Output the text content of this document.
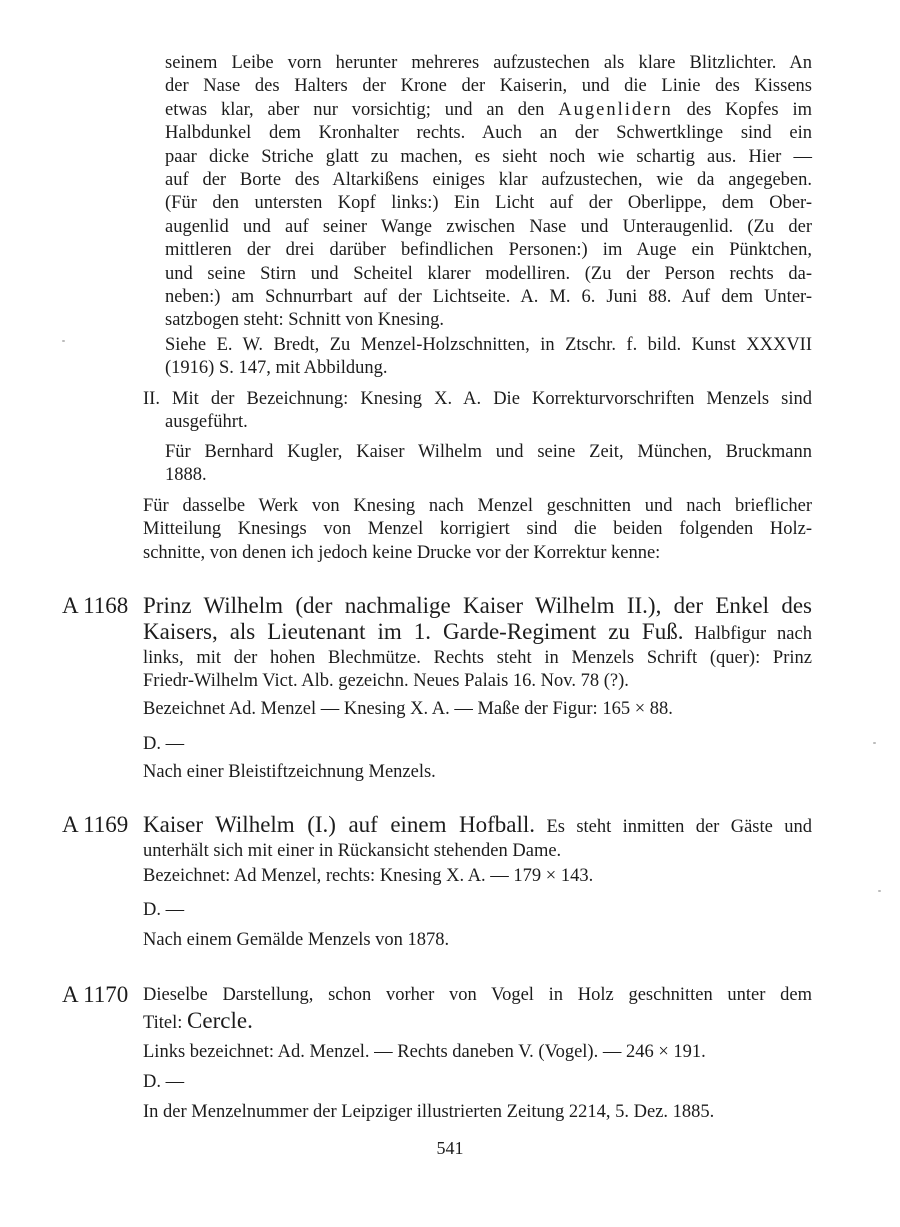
seinem Leibe vorn herunter mehreres aufzustechen als klare Blitzlichter. An
der Nase des Halters der Krone der Kaiserin, und die Linie des Kissens
etwas klar, aber nur vorsichtig; und an den Augenlidern des Kopfes im
Halbdunkel dem Kronhalter rechts. Auch an der Schwertklinge sind ein
paar dicke Striche glatt zu machen, es sieht noch wie schartig aus. Hier —
auf der Borte des Altarkißens einiges klar aufzustechen, wie da angegeben.
(Für den untersten Kopf links:) Ein Licht auf der Oberlippe, dem Ober-
augenlid und auf seiner Wange zwischen Nase und Unteraugenlid. (Zu der
mittleren der drei darüber befindlichen Personen:) im Auge ein Pünktchen,
und seine Stirn und Scheitel klarer modelliren. (Zu der Person rechts da-
neben:) am Schnurrbart auf der Lichtseite. A. M. 6. Juni 88. Auf dem Unter-
satzbogen steht: Schnitt von Knesing.
Siehe E. W. Bredt, Zu Menzel-Holzschnitten, in Ztschr. f. bild. Kunst XXXVII
(1916) S. 147, mit Abbildung.
II. Mit der Bezeichnung: Knesing X. A. Die Korrekturvorschriften Menzels sind
ausgeführt.
Für Bernhard Kugler, Kaiser Wilhelm und seine Zeit, München, Bruckmann
1888.
Für dasselbe Werk von Knesing nach Menzel geschnitten und nach brieflicher
Mitteilung Knesings von Menzel korrigiert sind die beiden folgenden Holz-
schnitte, von denen ich jedoch keine Drucke vor der Korrektur kenne:
A 1168 Prinz Wilhelm (der nachmalige Kaiser Wilhelm II.), der Enkel des
Kaisers, als Lieutenant im 1. Garde-Regiment zu Fuß. Halbfigur nach
links, mit der hohen Blechmütze. Rechts steht in Menzels Schrift (quer): Prinz
Friedr-Wilhelm Vict. Alb. gezeichn. Neues Palais 16. Nov. 78 (?).
Bezeichnet Ad. Menzel — Knesing X. A. — Maße der Figur: 165 × 88.
D. —
Nach einer Bleistiftzeichnung Menzels.
A 1169 Kaiser Wilhelm (I.) auf einem Hofball. Es steht inmitten der Gäste und
unterhält sich mit einer in Rückansicht stehenden Dame.
Bezeichnet: Ad Menzel, rechts: Knesing X. A. — 179 × 143.
D. —
Nach einem Gemälde Menzels von 1878.
A 1170 Dieselbe Darstellung, schon vorher von Vogel in Holz geschnitten unter dem
Titel: Cercle.
Links bezeichnet: Ad. Menzel. — Rechts daneben V. (Vogel). — 246 × 191.
D. —
In der Menzelnummer der Leipziger illustrierten Zeitung 2214, 5. Dez. 1885.
541
